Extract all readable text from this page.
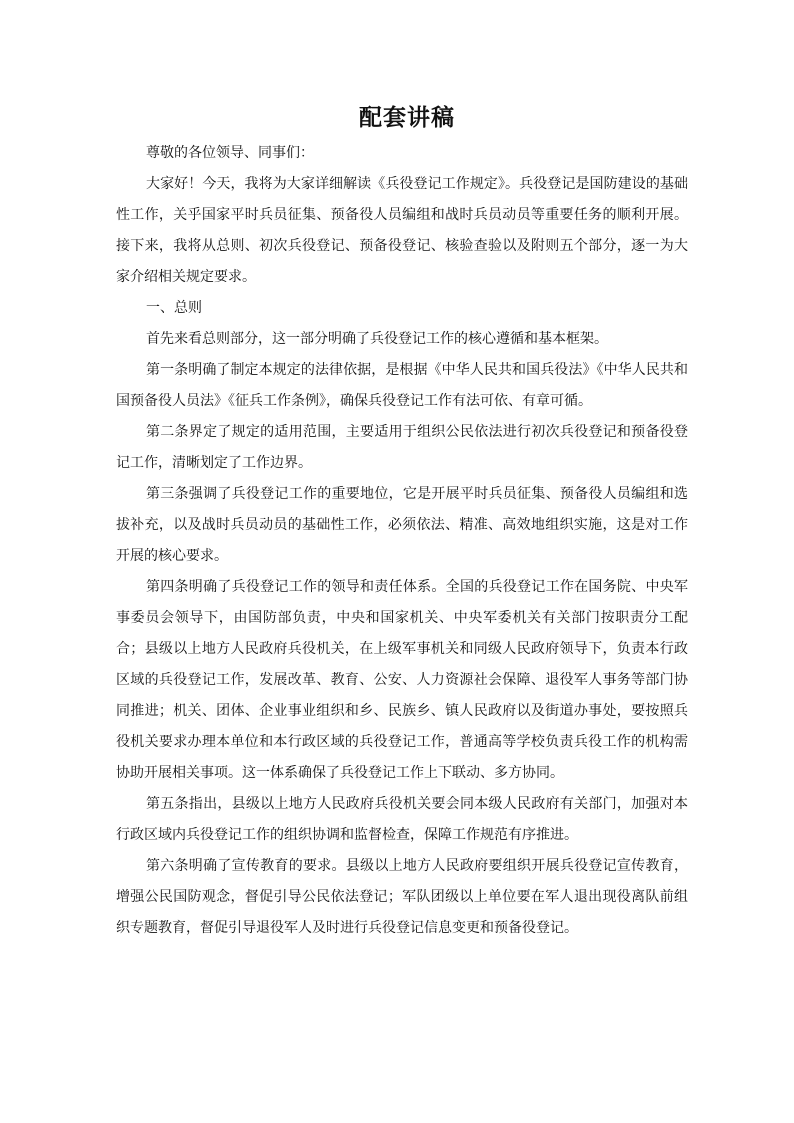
配套讲稿

尊敬的各位领导、同事们：

大家好！今天，我将为大家详细解读《兵役登记工作规定》。兵役登记是国防建设的基础性工作，关乎国家平时兵员征集、预备役人员编组和战时兵员动员等重要任务的顺利开展。接下来，我将从总则、初次兵役登记、预备役登记、核验查验以及附则五个部分，逐一为大家介绍相关规定要求。

一、总则

首先来看总则部分，这一部分明确了兵役登记工作的核心遵循和基本框架。

第一条明确了制定本规定的法律依据，是根据《中华人民共和国兵役法》《中华人民共和国预备役人员法》《征兵工作条例》，确保兵役登记工作有法可依、有章可循。

第二条界定了规定的适用范围，主要适用于组织公民依法进行初次兵役登记和预备役登记工作，清晰划定了工作边界。

第三条强调了兵役登记工作的重要地位，它是开展平时兵员征集、预备役人员编组和选拔补充，以及战时兵员动员的基础性工作，必须依法、精准、高效地组织实施，这是对工作开展的核心要求。

第四条明确了兵役登记工作的领导和责任体系。全国的兵役登记工作在国务院、中央军事委员会领导下，由国防部负责，中央和国家机关、中央军委机关有关部门按职责分工配合；县级以上地方人民政府兵役机关，在上级军事机关和同级人民政府领导下，负责本行政区域的兵役登记工作，发展改革、教育、公安、人力资源社会保障、退役军人事务等部门协同推进；机关、团体、企业事业组织和乡、民族乡、镇人民政府以及街道办事处，要按照兵役机关要求办理本单位和本行政区域的兵役登记工作，普通高等学校负责兵役工作的机构需协助开展相关事项。这一体系确保了兵役登记工作上下联动、多方协同。

第五条指出，县级以上地方人民政府兵役机关要会同本级人民政府有关部门，加强对本行政区域内兵役登记工作的组织协调和监督检查，保障工作规范有序推进。

第六条明确了宣传教育的要求。县级以上地方人民政府要组织开展兵役登记宣传教育，增强公民国防观念，督促引导公民依法登记；军队团级以上单位要在军人退出现役离队前组织专题教育，督促引导退役军人及时进行兵役登记信息变更和预备役登记。
